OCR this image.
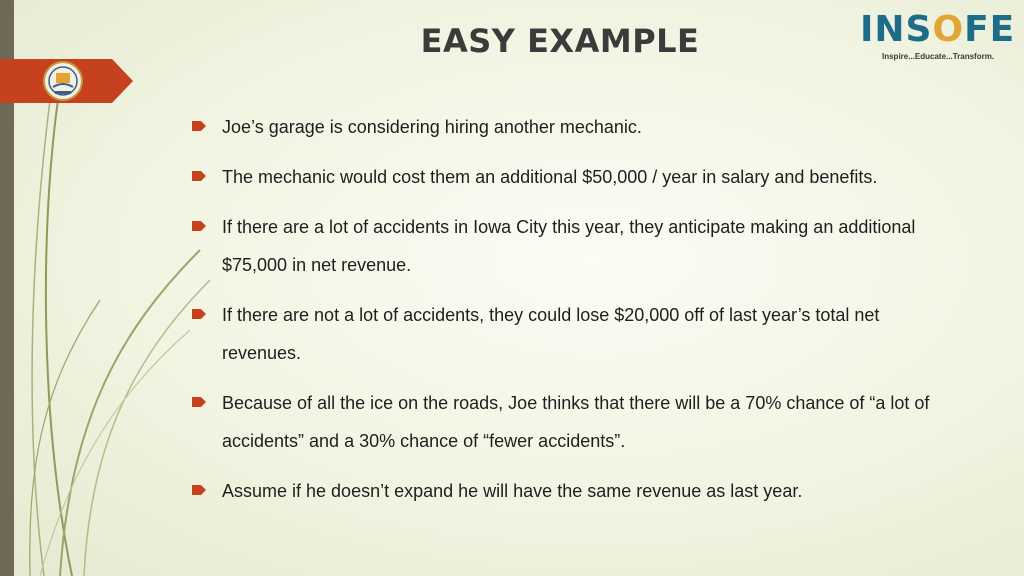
EASY EXAMPLE	INSOFE
Inspire...Educate...Transform.
Joe’s garage is considering hiring another mechanic.
The mechanic would cost them an additional $50,000 / year in salary and benefits.
If there are a lot of accidents in Iowa City this year, they anticipate making an additional $75,000 in net revenue.
If there are not a lot of accidents, they could lose $20,000 off of last year’s total net revenues.
Because of all the ice on the roads, Joe thinks that there will be a 70% chance of “a lot of accidents” and a 30% chance of “fewer accidents”.
Assume if he doesn’t expand he will have the same revenue as last year.
